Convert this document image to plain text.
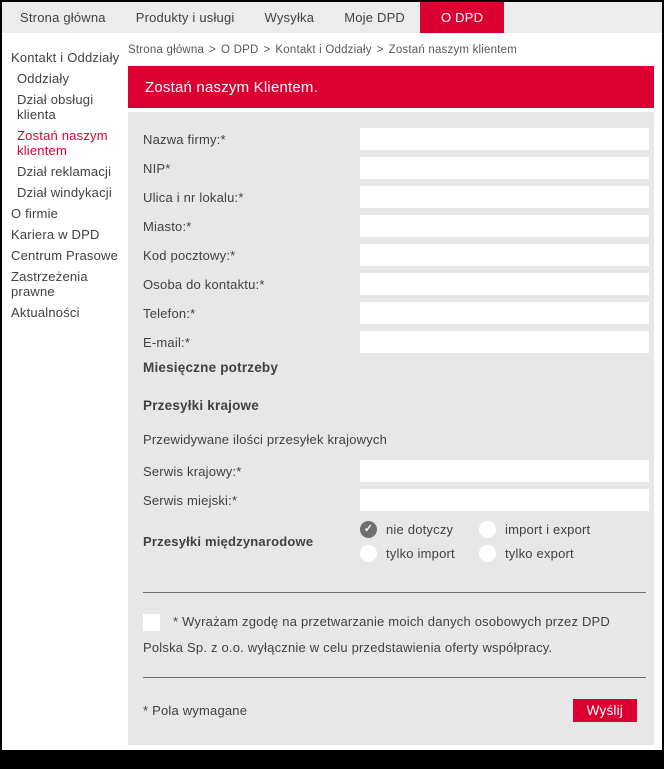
Strona główna	Produkty i usługi	Wysyłka	Moje DPD	O DPD
Kontakt i Oddziały
Oddziały
Dział obsługi klienta
Zostań naszym klientem
Dział reklamacji
Dział windykacji
O firmie
Kariera w DPD
Centrum Prasowe
Zastrzeżenia prawne
Aktualności
Strona główna > O DPD > Kontakt i Oddziały > Zostań naszym klientem
Zostań naszym Klientem.
Nazwa firmy:*
NIP*
Ulica i nr lokalu:*
Miasto:*
Kod pocztowy:*
Osoba do kontaktu:*
Telefon:*
E-mail:*
Miesięczne potrzeby
Przesyłki krajowe
Przewidywane ilości przesyłek krajowych
Serwis krajowy:*
Serwis miejski:*
Przesyłki międzynarodowe
✓ nie dotyczy	import i export
tylko import	tylko export
* Wyrażam zgodę na przetwarzanie moich danych osobowych przez DPD Polska Sp. z o.o. wyłącznie w celu przedstawienia oferty współpracy.
* Pola wymagane	Wyślij
